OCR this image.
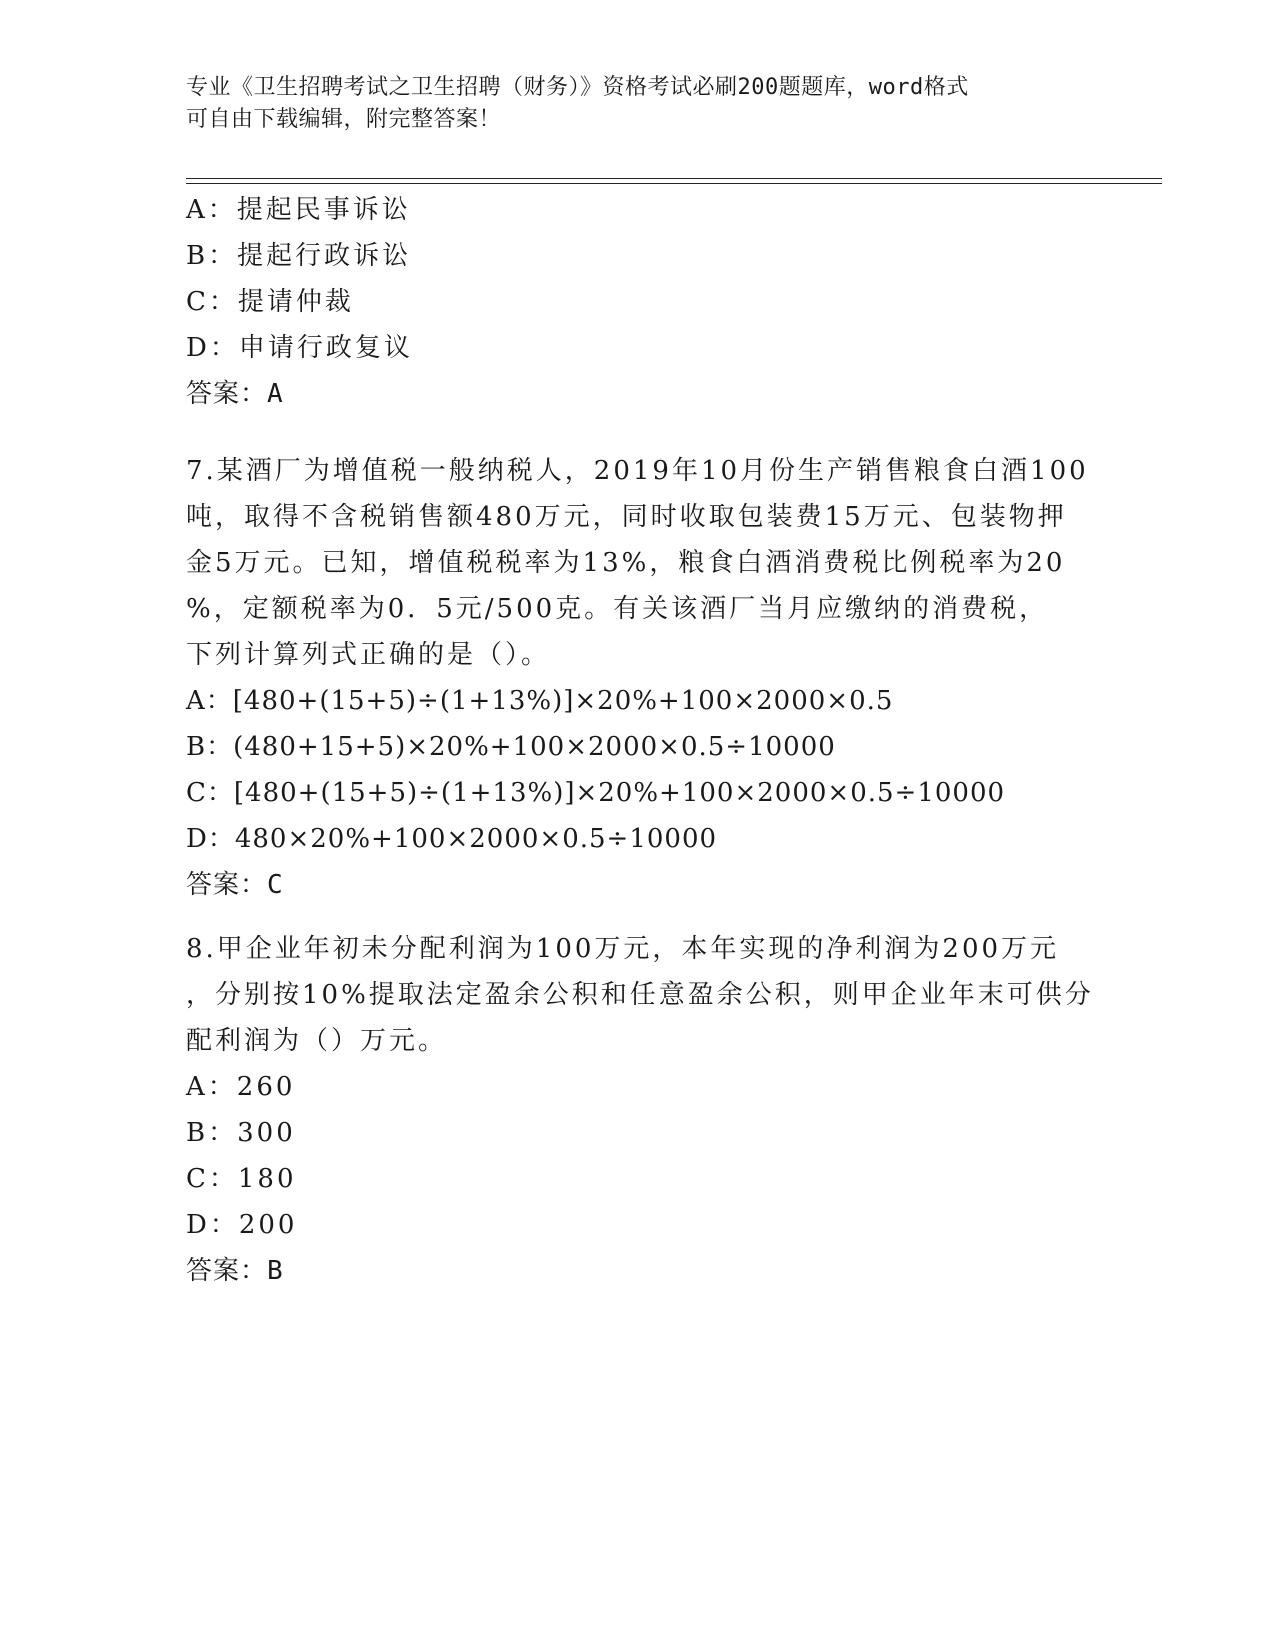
专业《卫生招聘考试之卫生招聘（财务）》资格考试必刷200题题库，word格式
可自由下载编辑，附完整答案！
A：提起民事诉讼
B：提起行政诉讼
C：提请仲裁
D：申请行政复议
答案：A
7.某酒厂为增值税一般纳税人，2019年10月份生产销售粮食白酒100
吨，取得不含税销售额480万元，同时收取包装费15万元、包装物押
金5万元。已知，增值税税率为13%，粮食白酒消费税比例税率为20
%，定额税率为0．5元/500克。有关该酒厂当月应缴纳的消费税，
下列计算列式正确的是（）。
A：[480+(15+5)÷(1+13%)]×20%+100×2000×0.5
B：(480+15+5)×20%+100×2000×0.5÷10000
C：[480+(15+5)÷(1+13%)]×20%+100×2000×0.5÷10000
D：480×20%+100×2000×0.5÷10000
答案：C
8.甲企业年初未分配利润为100万元，本年实现的净利润为200万元
，分别按10%提取法定盈余公积和任意盈余公积，则甲企业年末可供分
配利润为（）万元。
A：260
B：300
C：180
D：200
答案：B
